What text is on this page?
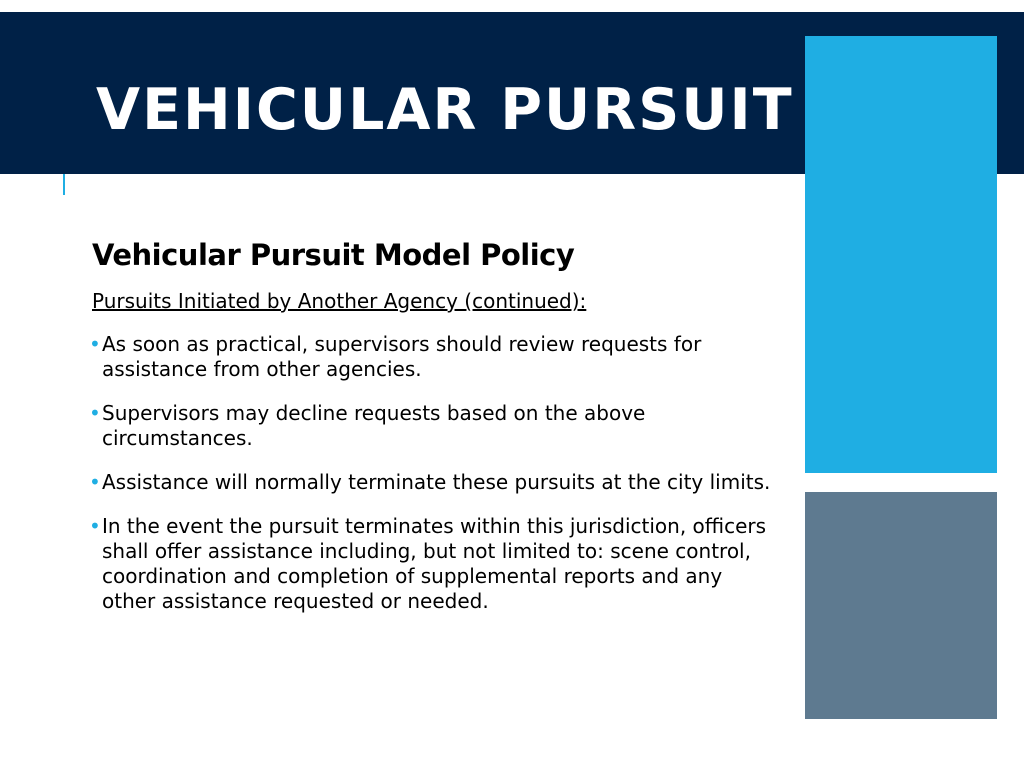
VEHICULAR PURSUIT
Vehicular Pursuit Model Policy

Pursuits Initiated by Another Agency (continued):

• As soon as practical, supervisors should review requests for assistance from other agencies.
• Supervisors may decline requests based on the above circumstances.
• Assistance will normally terminate these pursuits at the city limits.
• In the event the pursuit terminates within this jurisdiction, officers shall offer assistance including, but not limited to: scene control, coordination and completion of supplemental reports and any other assistance requested or needed.
